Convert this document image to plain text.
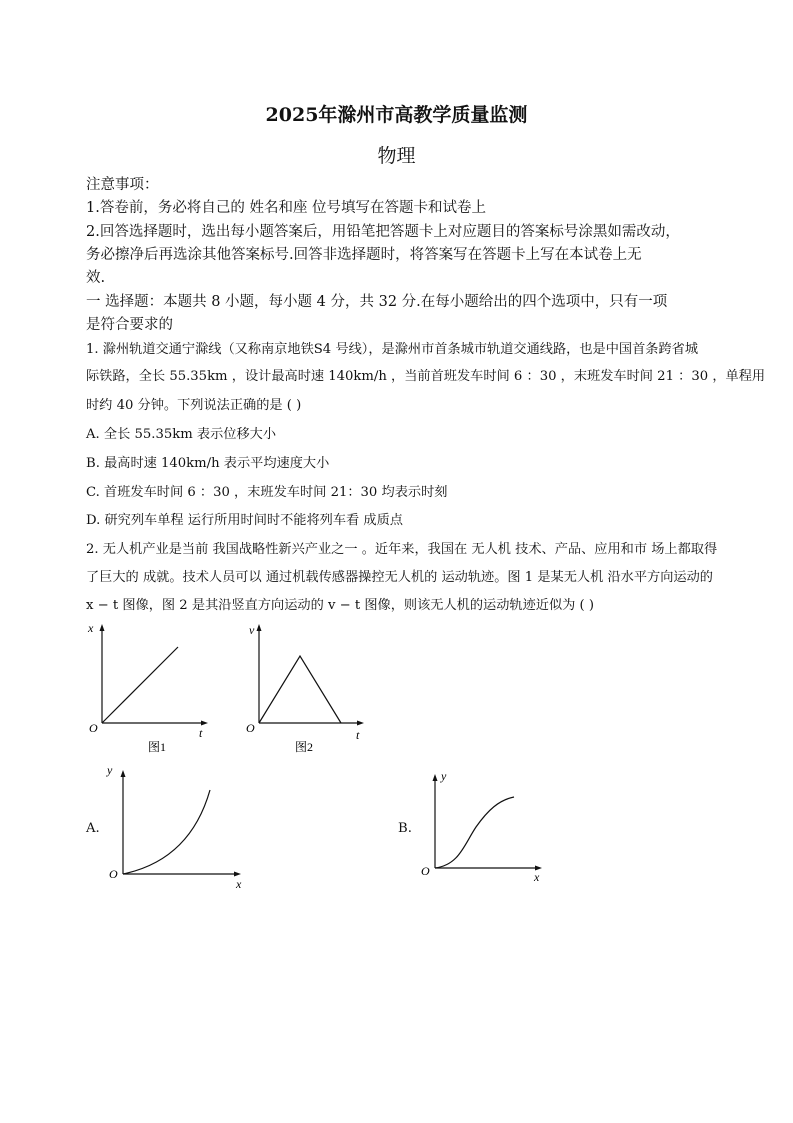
2025年滁州市高教学质量监测
物理
注意事项：
1.答卷前，务必将自己的 姓名和座 位号填写在答题卡和试卷上
2.回答选择题时，选出每小题答案后，用铅笔把答题卡上对应题目的答案标号涂黑如需改动，
务必擦净后再选涂其他答案标号.回答非选择题时，将答案写在答题卡上写在本试卷上无
效.
一 选择题：本题共 8 小题，每小题 4 分，共 32 分.在每小题给出的四个选项中，只有一项
是符合要求的
1. 滁州轨道交通宁滁线（又称南京地铁S4 号线），是滁州市首条城市轨道交通线路，也是中国首条跨省城
际铁路，全长 55.35km ，设计最高时速 140km/h ，当前首班发车时间 6 ：30 ，末班发车时间 21 ：30 ，单程用
时约 40 分钟。下列说法正确的是 ( )
A. 全长 55.35km 表示位移大小
B. 最高时速 140km/h 表示平均速度大小
C. 首班发车时间 6 ：30 ，末班发车时间 21：30 均表示时刻
D. 研究列车单程 运行所用时间时不能将列车看 成质点
2. 无人机产业是当前 我国战略性新兴产业之一 。近年来，我国在 无人机 技术、产品、应用和市 场上都取得
了巨大的 成就。技术人员可以 通过机载传感器操控无人机的 运动轨迹。图 1 是某无人机 沿水平方向运动的
x − t 图像，图 2 是其沿竖直方向运动的 v − t 图像，则该无人机的运动轨迹近似为 ( )
x
t
O
图1
v
t
O
图2
A.
y
x
O
B.
y
x
O
